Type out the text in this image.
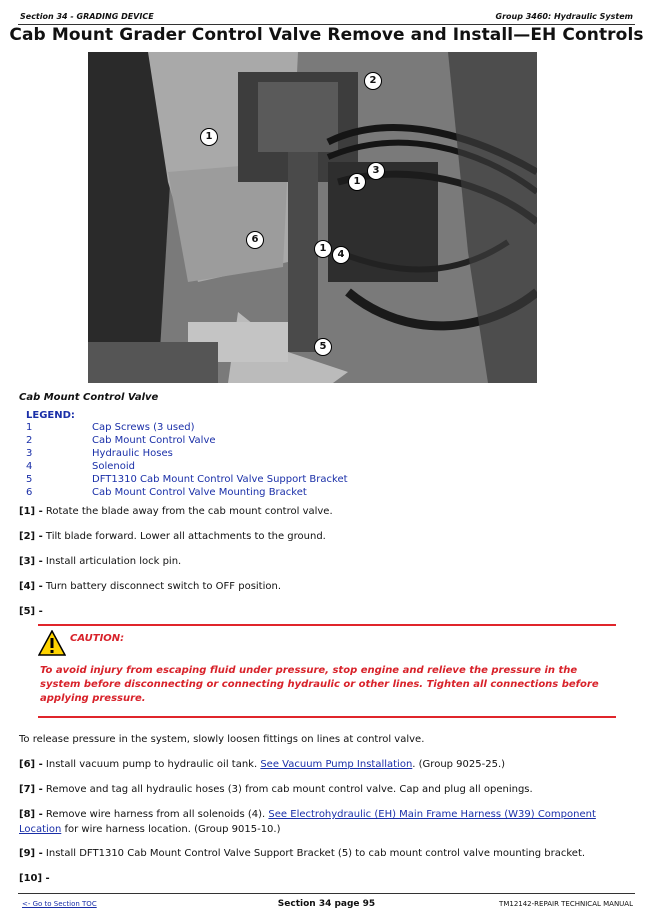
Section 34 - GRADING DEVICE	Group 3460: Hydraulic System
Cab Mount Grader Control Valve Remove and Install—EH Controls
1
2
1
3
6
1
4
5
Cab Mount Control Valve
LEGEND:
1	Cap Screws (3 used)
2	Cab Mount Control Valve
3	Hydraulic Hoses
4	Solenoid
5	DFT1310 Cab Mount Control Valve Support Bracket
6	Cab Mount Control Valve Mounting Bracket
[1] - Rotate the blade away from the cab mount control valve.
[2] - Tilt blade forward. Lower all attachments to the ground.
[3] - Install articulation lock pin.
[4] - Turn battery disconnect switch to OFF position.
[5] -
CAUTION:
To avoid injury from escaping fluid under pressure, stop engine and relieve the pressure in the system before disconnecting or connecting hydraulic or other lines. Tighten all connections before applying pressure.
To release pressure in the system, slowly loosen fittings on lines at control valve.
[6] - Install vacuum pump to hydraulic oil tank. See Vacuum Pump Installation. (Group 9025-25.)
[7] - Remove and tag all hydraulic hoses (3) from cab mount control valve. Cap and plug all openings.
[8] - Remove wire harness from all solenoids (4). See Electrohydraulic (EH) Main Frame Harness (W39) Component Location for wire harness location. (Group 9015-10.)
[9] - Install DFT1310 Cab Mount Control Valve Support Bracket (5) to cab mount control valve mounting bracket.
[10] -
<- Go to Section TOC	Section 34 page 95	TM12142-REPAIR TECHNICAL MANUAL
